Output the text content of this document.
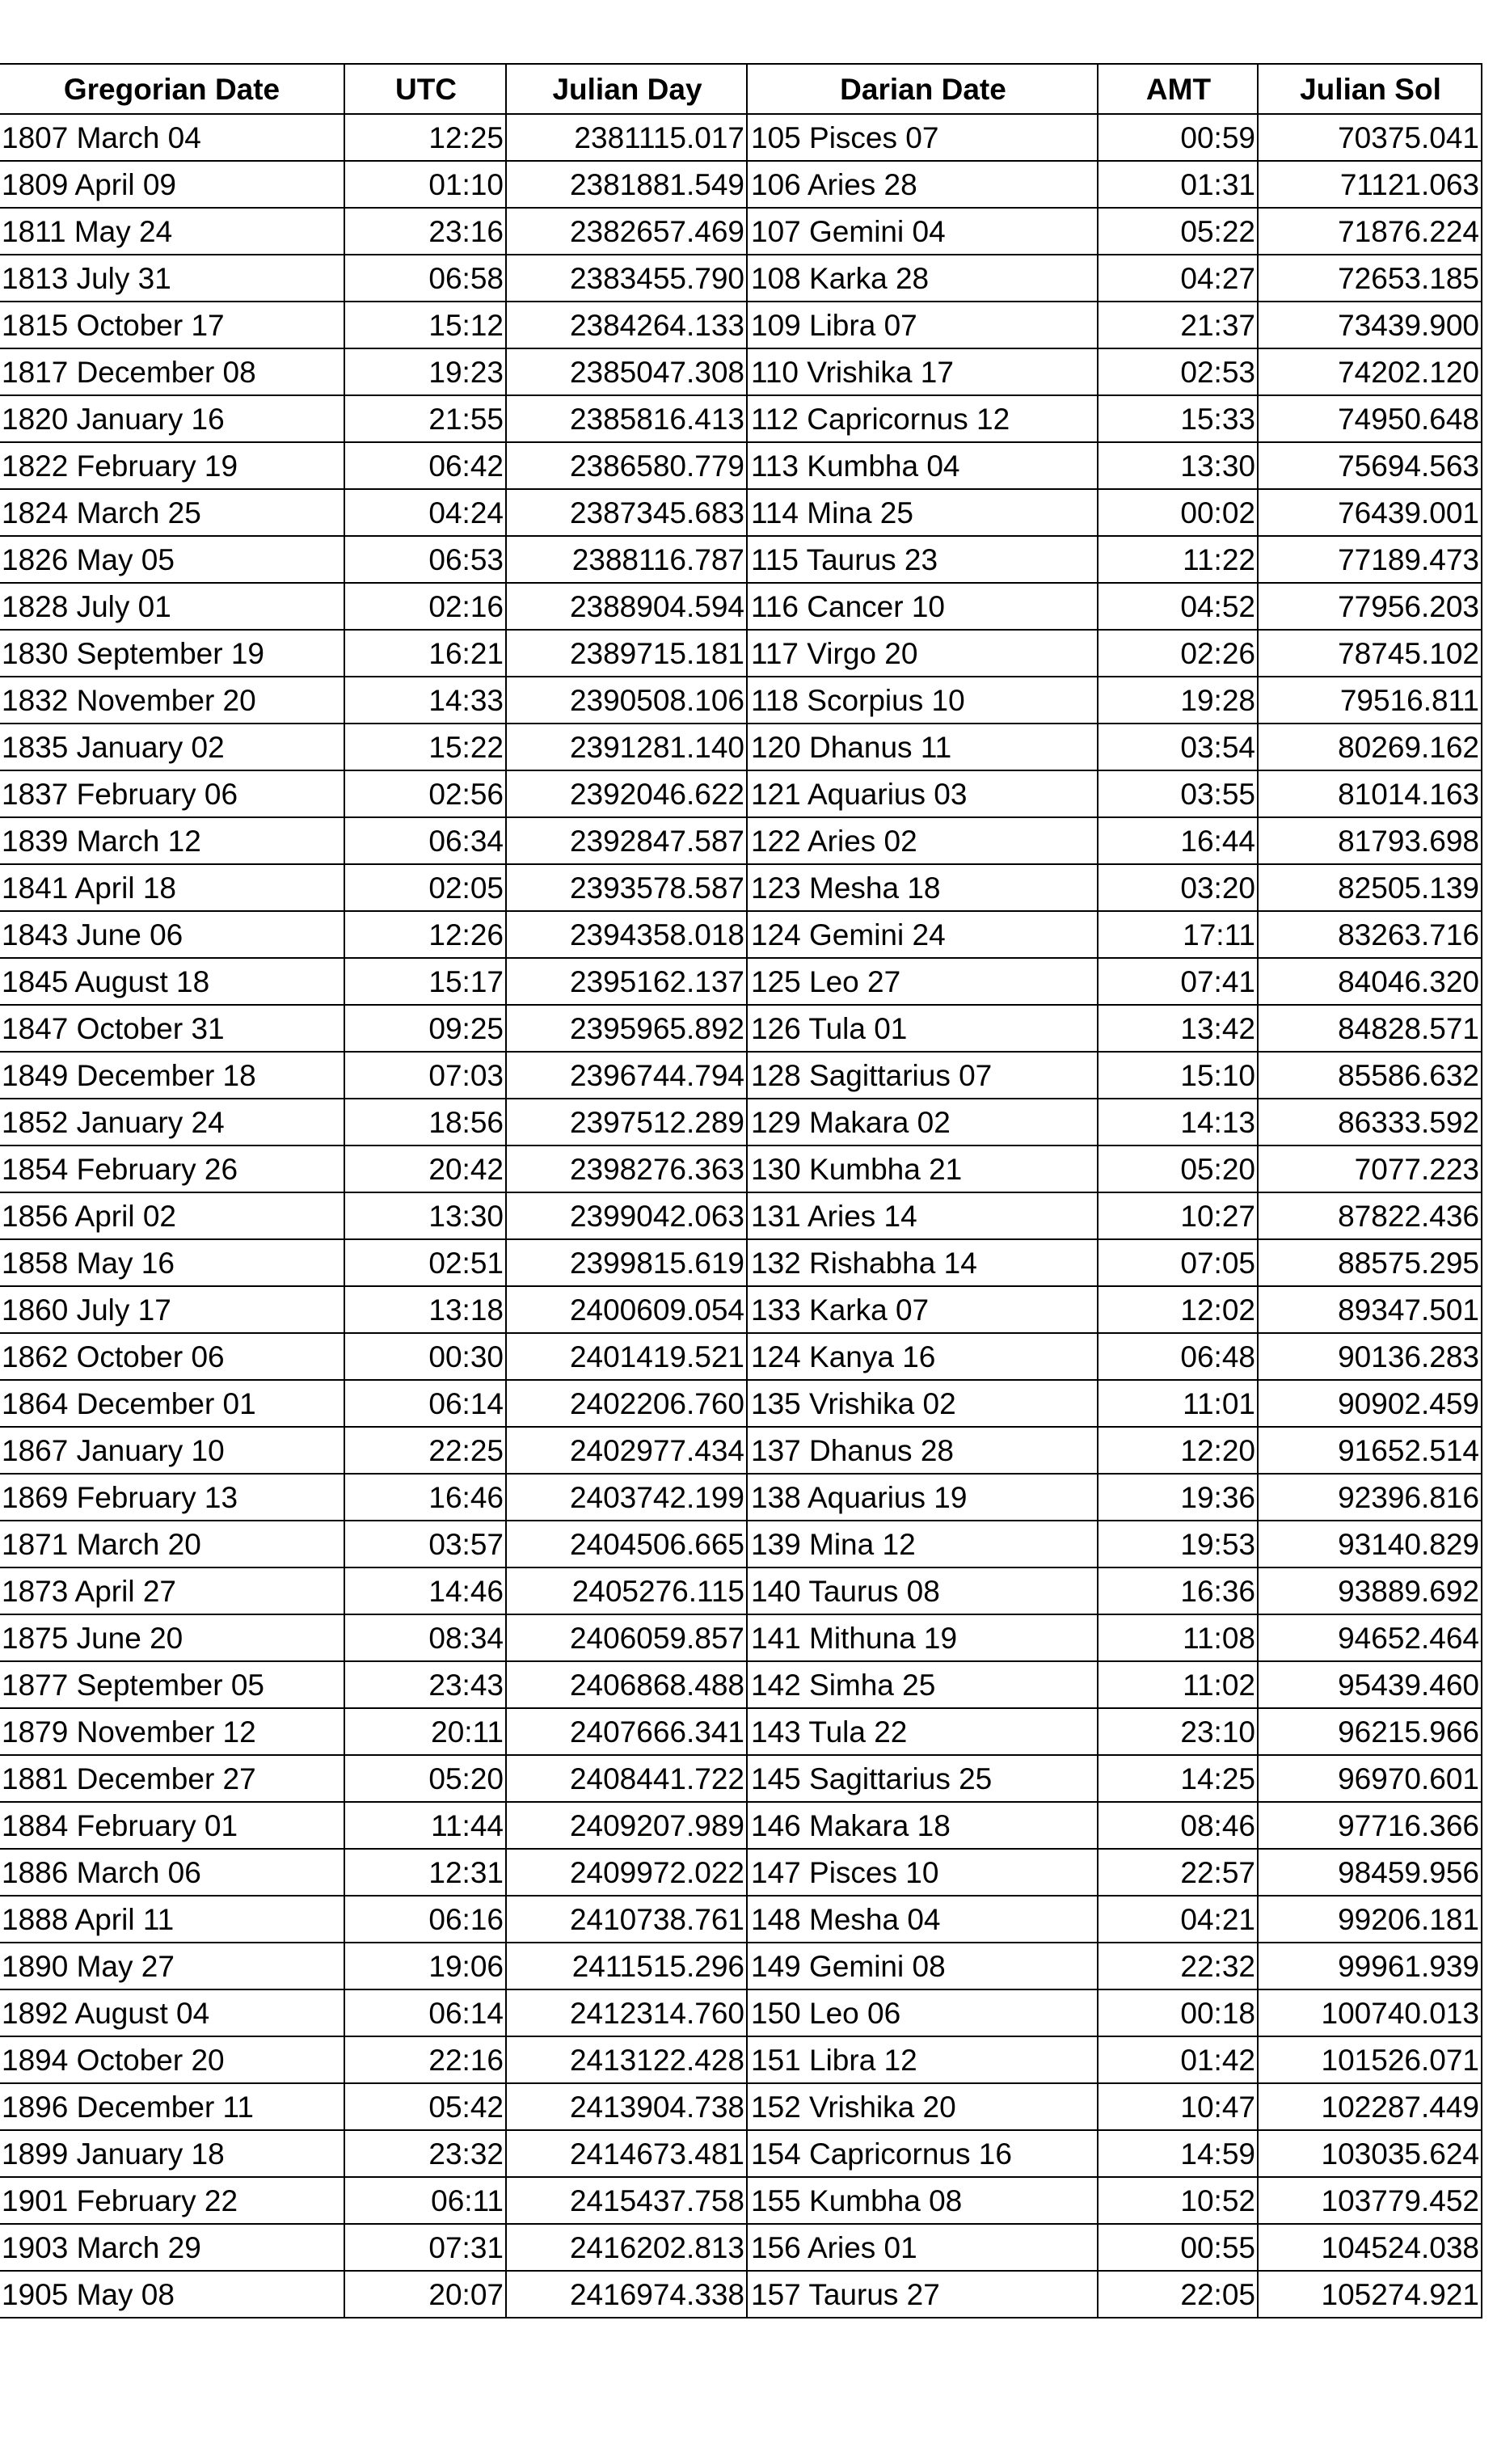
Gregorian Date	UTC	Julian Day	Darian Date	AMT	Julian Sol
1807 March 04	12:25	2381115.017	105 Pisces 07	00:59	70375.041
1809 April 09	01:10	2381881.549	106 Aries 28	01:31	71121.063
1811 May 24	23:16	2382657.469	107 Gemini 04	05:22	71876.224
1813 July 31	06:58	2383455.790	108 Karka 28	04:27	72653.185
1815 October 17	15:12	2384264.133	109 Libra 07	21:37	73439.900
1817 December 08	19:23	2385047.308	110 Vrishika 17	02:53	74202.120
1820 January 16	21:55	2385816.413	112 Capricornus 12	15:33	74950.648
1822 February 19	06:42	2386580.779	113 Kumbha 04	13:30	75694.563
1824 March 25	04:24	2387345.683	114 Mina 25	00:02	76439.001
1826 May 05	06:53	2388116.787	115 Taurus 23	11:22	77189.473
1828 July 01	02:16	2388904.594	116 Cancer 10	04:52	77956.203
1830 September 19	16:21	2389715.181	117 Virgo 20	02:26	78745.102
1832 November 20	14:33	2390508.106	118 Scorpius 10	19:28	79516.811
1835 January 02	15:22	2391281.140	120 Dhanus 11	03:54	80269.162
1837 February 06	02:56	2392046.622	121 Aquarius 03	03:55	81014.163
1839 March 12	06:34	2392847.587	122 Aries 02	16:44	81793.698
1841 April 18	02:05	2393578.587	123 Mesha 18	03:20	82505.139
1843 June 06	12:26	2394358.018	124 Gemini 24	17:11	83263.716
1845 August 18	15:17	2395162.137	125 Leo 27	07:41	84046.320
1847 October 31	09:25	2395965.892	126 Tula 01	13:42	84828.571
1849 December 18	07:03	2396744.794	128 Sagittarius 07	15:10	85586.632
1852 January 24	18:56	2397512.289	129 Makara 02	14:13	86333.592
1854 February 26	20:42	2398276.363	130 Kumbha 21	05:20	7077.223
1856 April 02	13:30	2399042.063	131 Aries 14	10:27	87822.436
1858 May 16	02:51	2399815.619	132 Rishabha 14	07:05	88575.295
1860 July 17	13:18	2400609.054	133 Karka 07	12:02	89347.501
1862 October 06	00:30	2401419.521	124 Kanya 16	06:48	90136.283
1864 December 01	06:14	2402206.760	135 Vrishika 02	11:01	90902.459
1867 January 10	22:25	2402977.434	137 Dhanus 28	12:20	91652.514
1869 February 13	16:46	2403742.199	138 Aquarius 19	19:36	92396.816
1871 March 20	03:57	2404506.665	139 Mina 12	19:53	93140.829
1873 April 27	14:46	2405276.115	140 Taurus 08	16:36	93889.692
1875 June 20	08:34	2406059.857	141 Mithuna 19	11:08	94652.464
1877 September 05	23:43	2406868.488	142 Simha 25	11:02	95439.460
1879 November 12	20:11	2407666.341	143 Tula 22	23:10	96215.966
1881 December 27	05:20	2408441.722	145 Sagittarius 25	14:25	96970.601
1884 February 01	11:44	2409207.989	146 Makara 18	08:46	97716.366
1886 March 06	12:31	2409972.022	147 Pisces 10	22:57	98459.956
1888 April 11	06:16	2410738.761	148 Mesha 04	04:21	99206.181
1890 May 27	19:06	2411515.296	149 Gemini 08	22:32	99961.939
1892 August 04	06:14	2412314.760	150 Leo 06	00:18	100740.013
1894 October 20	22:16	2413122.428	151 Libra 12	01:42	101526.071
1896 December 11	05:42	2413904.738	152 Vrishika 20	10:47	102287.449
1899 January 18	23:32	2414673.481	154 Capricornus 16	14:59	103035.624
1901 February 22	06:11	2415437.758	155 Kumbha 08	10:52	103779.452
1903 March 29	07:31	2416202.813	156 Aries 01	00:55	104524.038
1905 May 08	20:07	2416974.338	157 Taurus 27	22:05	105274.921
